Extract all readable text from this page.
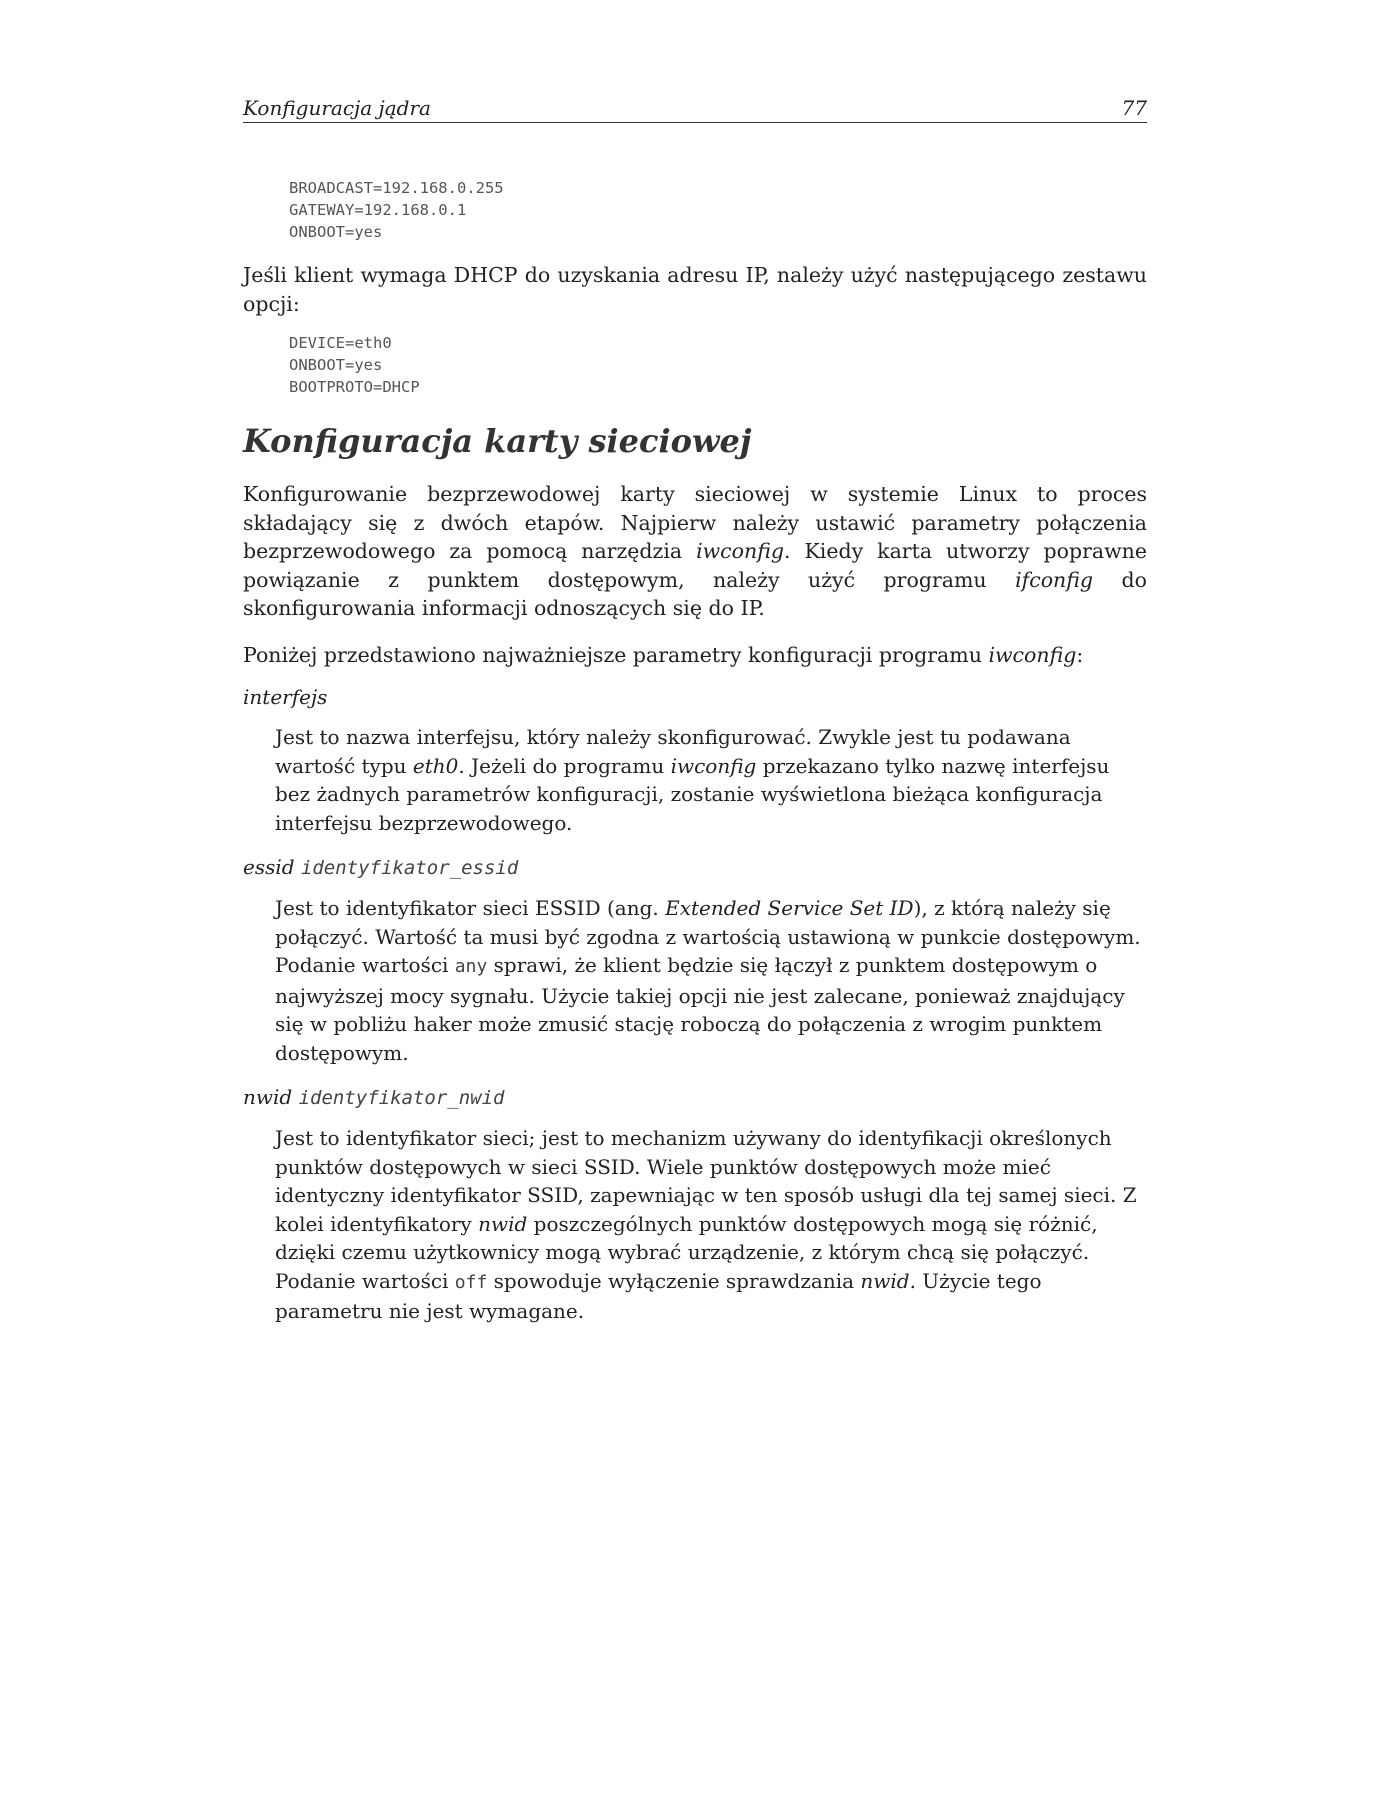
Konfiguracja jądra	77
BROADCAST=192.168.0.255
GATEWAY=192.168.0.1
ONBOOT=yes

Jeśli klient wymaga DHCP do uzyskania adresu IP, należy użyć następującego zestawu opcji:

DEVICE=eth0
ONBOOT=yes
BOOTPROTO=DHCP
Konfiguracja karty sieciowej

Konfigurowanie bezprzewodowej karty sieciowej w systemie Linux to proces składający się z dwóch etapów. Najpierw należy ustawić parametry połączenia bezprzewodowego za pomocą narzędzia iwconfig. Kiedy karta utworzy poprawne powiązanie z punktem dostępowym, należy użyć programu ifconfig do skonfigurowania informacji odnoszących się do IP.

Poniżej przedstawiono najważniejsze parametry konfiguracji programu iwconfig:

interfejs
Jest to nazwa interfejsu, który należy skonfigurować. Zwykle jest tu podawana wartość typu eth0. Jeżeli do programu iwconfig przekazano tylko nazwę interfejsu bez żadnych parametrów konfiguracji, zostanie wyświetlona bieżąca konfiguracja interfejsu bezprzewodowego.
essid identyfikator_essid
Jest to identyfikator sieci ESSID (ang. Extended Service Set ID), z którą należy się połączyć. Wartość ta musi być zgodna z wartością ustawioną w punkcie dostępowym. Podanie wartości any sprawi, że klient będzie się łączył z punktem dostępowym o najwyższej mocy sygnału. Użycie takiej opcji nie jest zalecane, ponieważ znajdujący się w pobliżu haker może zmusić stację roboczą do połączenia z wrogim punktem dostępowym.
nwid identyfikator_nwid
Jest to identyfikator sieci; jest to mechanizm używany do identyfikacji określonych punktów dostępowych w sieci SSID. Wiele punktów dostępowych może mieć identyczny identyfikator SSID, zapewniając w ten sposób usługi dla tej samej sieci. Z kolei identyfikatory nwid poszczególnych punktów dostępowych mogą się różnić, dzięki czemu użytkownicy mogą wybrać urządzenie, z którym chcą się połączyć. Podanie wartości off spowoduje wyłączenie sprawdzania nwid. Użycie tego parametru nie jest wymagane.
